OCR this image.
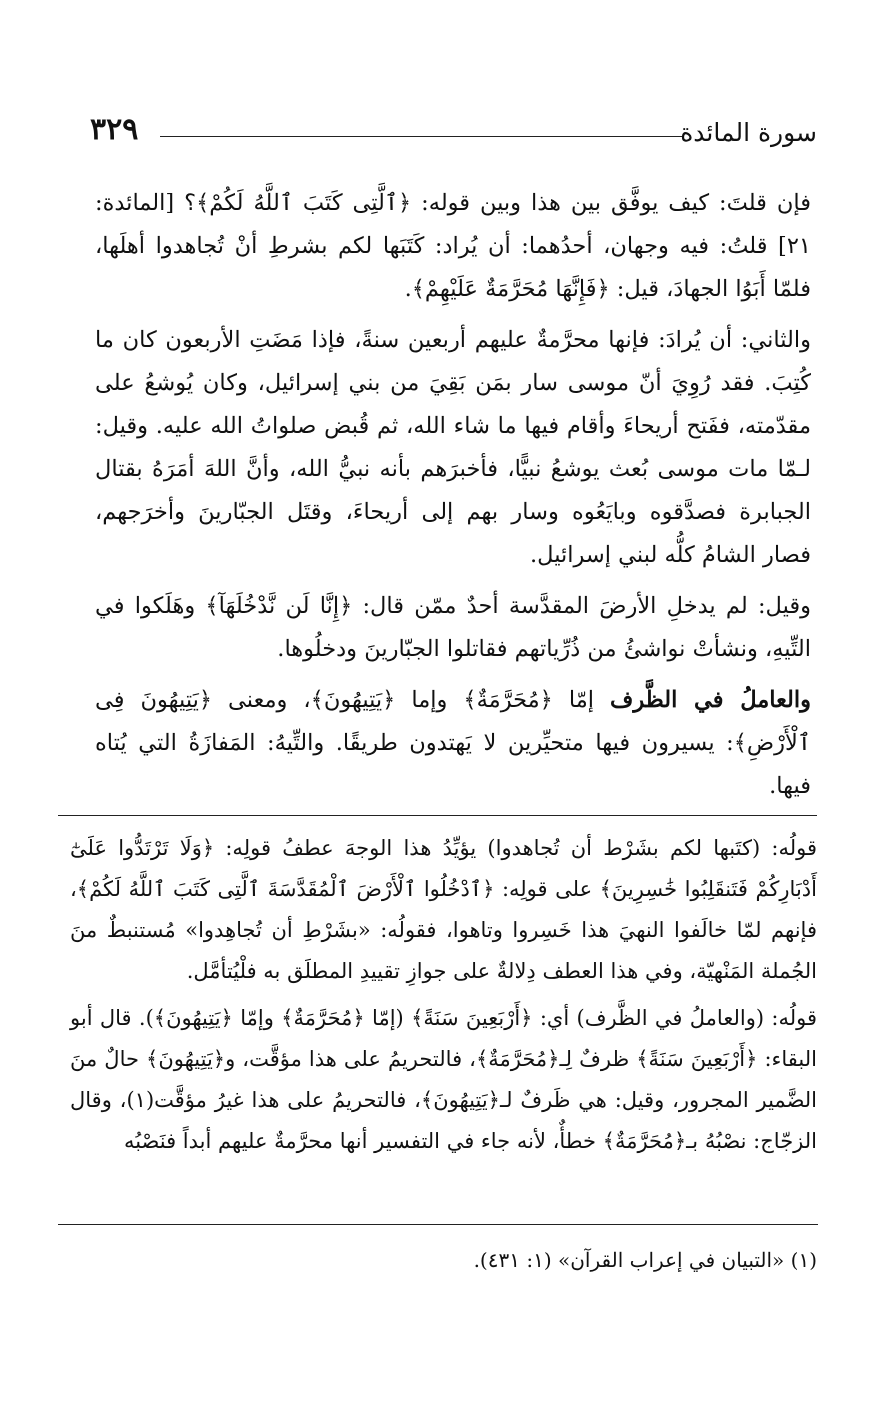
سورة المائدة
٣٢٩

فإن قلتَ: كيف يوفَّق بين هذا وبين قوله: ﴿ٱلَّتِى كَتَبَ ٱللَّهُ لَكُمْ﴾؟ [المائدة: ٢١] قلتُ: فيه وجهان، أحدُهما: أن يُراد: كَتَبَها لكم بشرطِ أنْ تُجاهدوا أهلَها، فلمّا أَبَوُا الجهادَ، قيل: ﴿فَإِنَّهَا مُحَرَّمَةٌ عَلَيْهِمْ﴾.

والثاني: أن يُرادَ: فإنها محرَّمةٌ عليهم أربعين سنةً، فإذا مَضَتِ الأربعون كان ما كُتِبَ. فقد رُوِيَ أنّ موسى سار بمَن بَقِيَ من بني إسرائيل، وكان يُوشعُ على مقدّمته، ففَتح أريحاءَ وأقام فيها ما شاء الله، ثم قُبض صلواتُ الله عليه. وقيل: لـمّا مات موسى بُعث يوشعُ نبيًّا، فأخبرَهم بأنه نبيُّ الله، وأنَّ اللهَ أمَرَهُ بقتال الجبابرة فصدَّقوه وبايَعُوه وسار بهم إلى أريحاءَ، وقتَل الجبّارينَ وأخرَجهم، فصار الشامُ كلُّه لبني إسرائيل.

وقيل: لم يدخلِ الأرضَ المقدَّسة أحدٌ ممّن قال: ﴿إِنَّا لَن نَّدْخُلَهَآ﴾ وهَلَكوا في التِّيهِ، ونشأتْ نواشئُ من ذُرِّياتهم فقاتلوا الجبّارينَ ودخلُوها.

والعاملُ في الظَّرف إمّا ﴿مُحَرَّمَةٌ﴾ وإما ﴿يَتِيهُونَ﴾، ومعنى ﴿يَتِيهُونَ فِى ٱلْأَرْضِ﴾: يسيرون فيها متحيِّرين لا يَهتدون طريقًا. والتِّيهُ: المَفازَةُ التي يُتاه فيها.

قولُه: (كتَبها لكم بشَرْط أن تُجاهدوا) يؤيِّدُ هذا الوجهَ عطفُ قولِه: ﴿وَلَا تَرْتَدُّوا عَلَىٰٓ أَدْبَارِكُمْ فَتَنقَلِبُوا خَٰسِرِينَ﴾ على قولِه: ﴿ٱدْخُلُوا ٱلْأَرْضَ ٱلْمُقَدَّسَةَ ٱلَّتِى كَتَبَ ٱللَّهُ لَكُمْ﴾، فإنهم لمّا خالَفوا النهيَ هذا خَسِروا وتاهوا، فقولُه: «بشَرْطِ أن تُجاهِدوا» مُستنبطٌ منَ الجُملة المَنْهيّة، وفي هذا العطف دِلالةٌ على جوازِ تقييدِ المطلَق به فلْيُتأمَّل.

قولُه: (والعاملُ في الظَّرف) أي: ﴿أَرْبَعِينَ سَنَةً﴾ (إمّا ﴿مُحَرَّمَةٌ﴾ وإمّا ﴿يَتِيهُونَ﴾). قال أبو البقاء: ﴿أَرْبَعِينَ سَنَةً﴾ ظرفٌ لِـ﴿مُحَرَّمَةٌ﴾، فالتحريمُ على هذا مؤقَّت، و﴿يَتِيهُونَ﴾ حالٌ منَ الضَّمير المجرور، وقيل: هي ظَرفٌ لـ﴿يَتِيهُونَ﴾، فالتحريمُ على هذا غيرُ مؤقَّت(١)، وقال الزجّاج: نصْبُهُ بـ﴿مُحَرَّمَةٌ﴾ خطأٌ، لأنه جاء في التفسير أنها محرَّمةٌ عليهم أبداً فنَصْبُه

(١) «التبيان في إعراب القرآن» (١: ٤٣١).
